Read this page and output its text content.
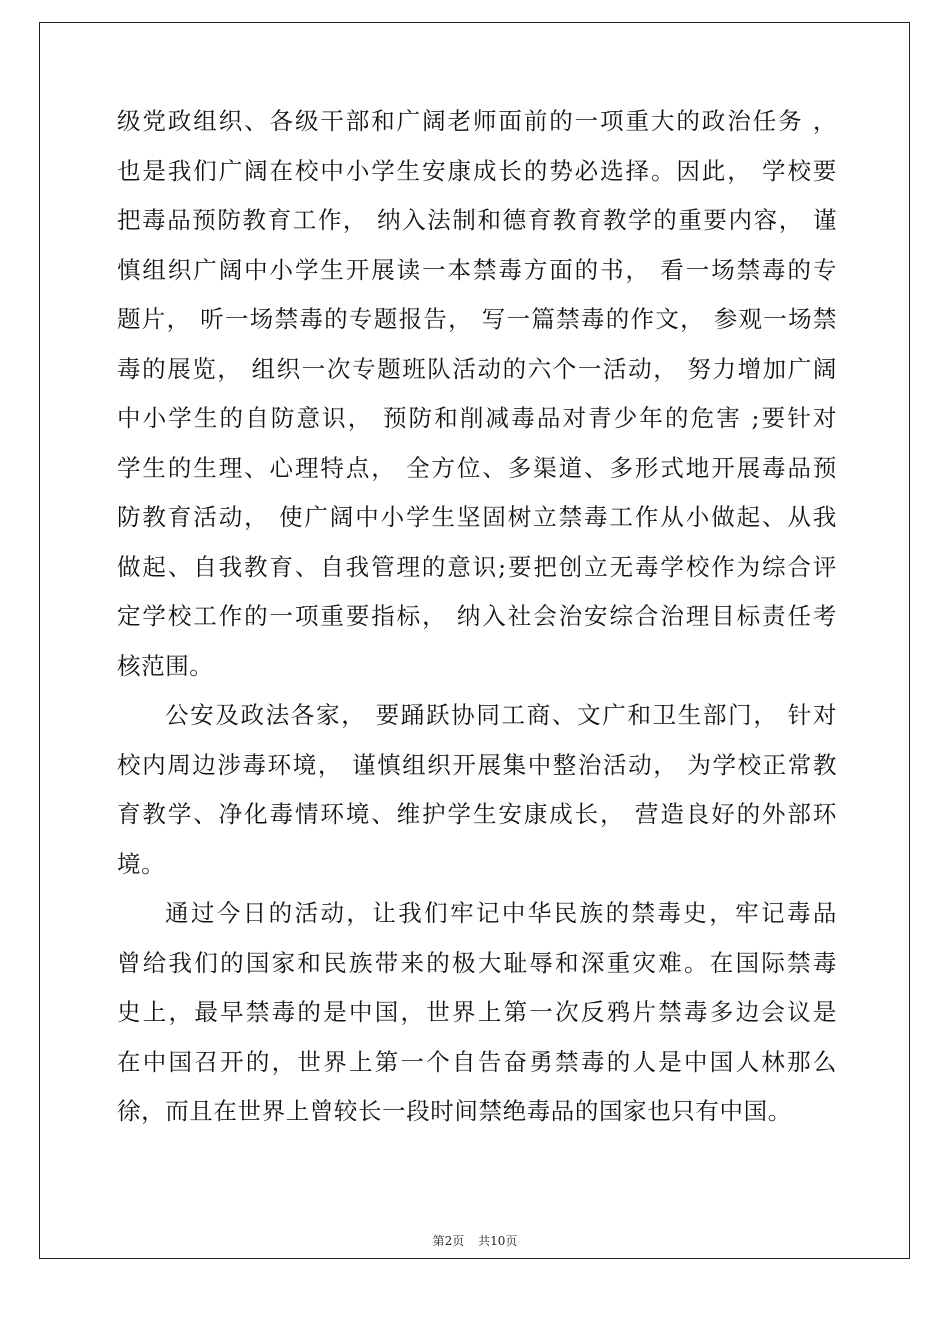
级党政组织、各级干部和广阔老师面前的一项重大的政治任务 ，
也是我们广阔在校中小学生安康成长的势必选择。因此， 学校要
把毒品预防教育工作， 纳入法制和德育教育教学的重要内容， 谨
慎组织广阔中小学生开展读一本禁毒方面的书， 看一场禁毒的专
题片， 听一场禁毒的专题报告， 写一篇禁毒的作文， 参观一场禁
毒的展览， 组织一次专题班队活动的六个一活动， 努力增加广阔
中小学生的自防意识， 预防和削减毒品对青少年的危害 ;要针对
学生的生理、心理特点， 全方位、多渠道、多形式地开展毒品预
防教育活动， 使广阔中小学生坚固树立禁毒工作从小做起、从我
做起、自我教育、自我管理的意识;要把创立无毒学校作为综合评
定学校工作的一项重要指标， 纳入社会治安综合治理目标责任考
核范围。
公安及政法各家， 要踊跃协同工商、文广和卫生部门， 针对
校内周边涉毒环境， 谨慎组织开展集中整治活动， 为学校正常教
育教学、净化毒情环境、维护学生安康成长， 营造良好的外部环
境。
通过今日的活动，让我们牢记中华民族的禁毒史，牢记毒品
曾给我们的国家和民族带来的极大耻辱和深重灾难。在国际禁毒
史上，最早禁毒的是中国，世界上第一次反鸦片禁毒多边会议是
在中国召开的，世界上第一个自告奋勇禁毒的人是中国人林那么
徐，而且在世界上曾较长一段时间禁绝毒品的国家也只有中国。
第2页 共10页
